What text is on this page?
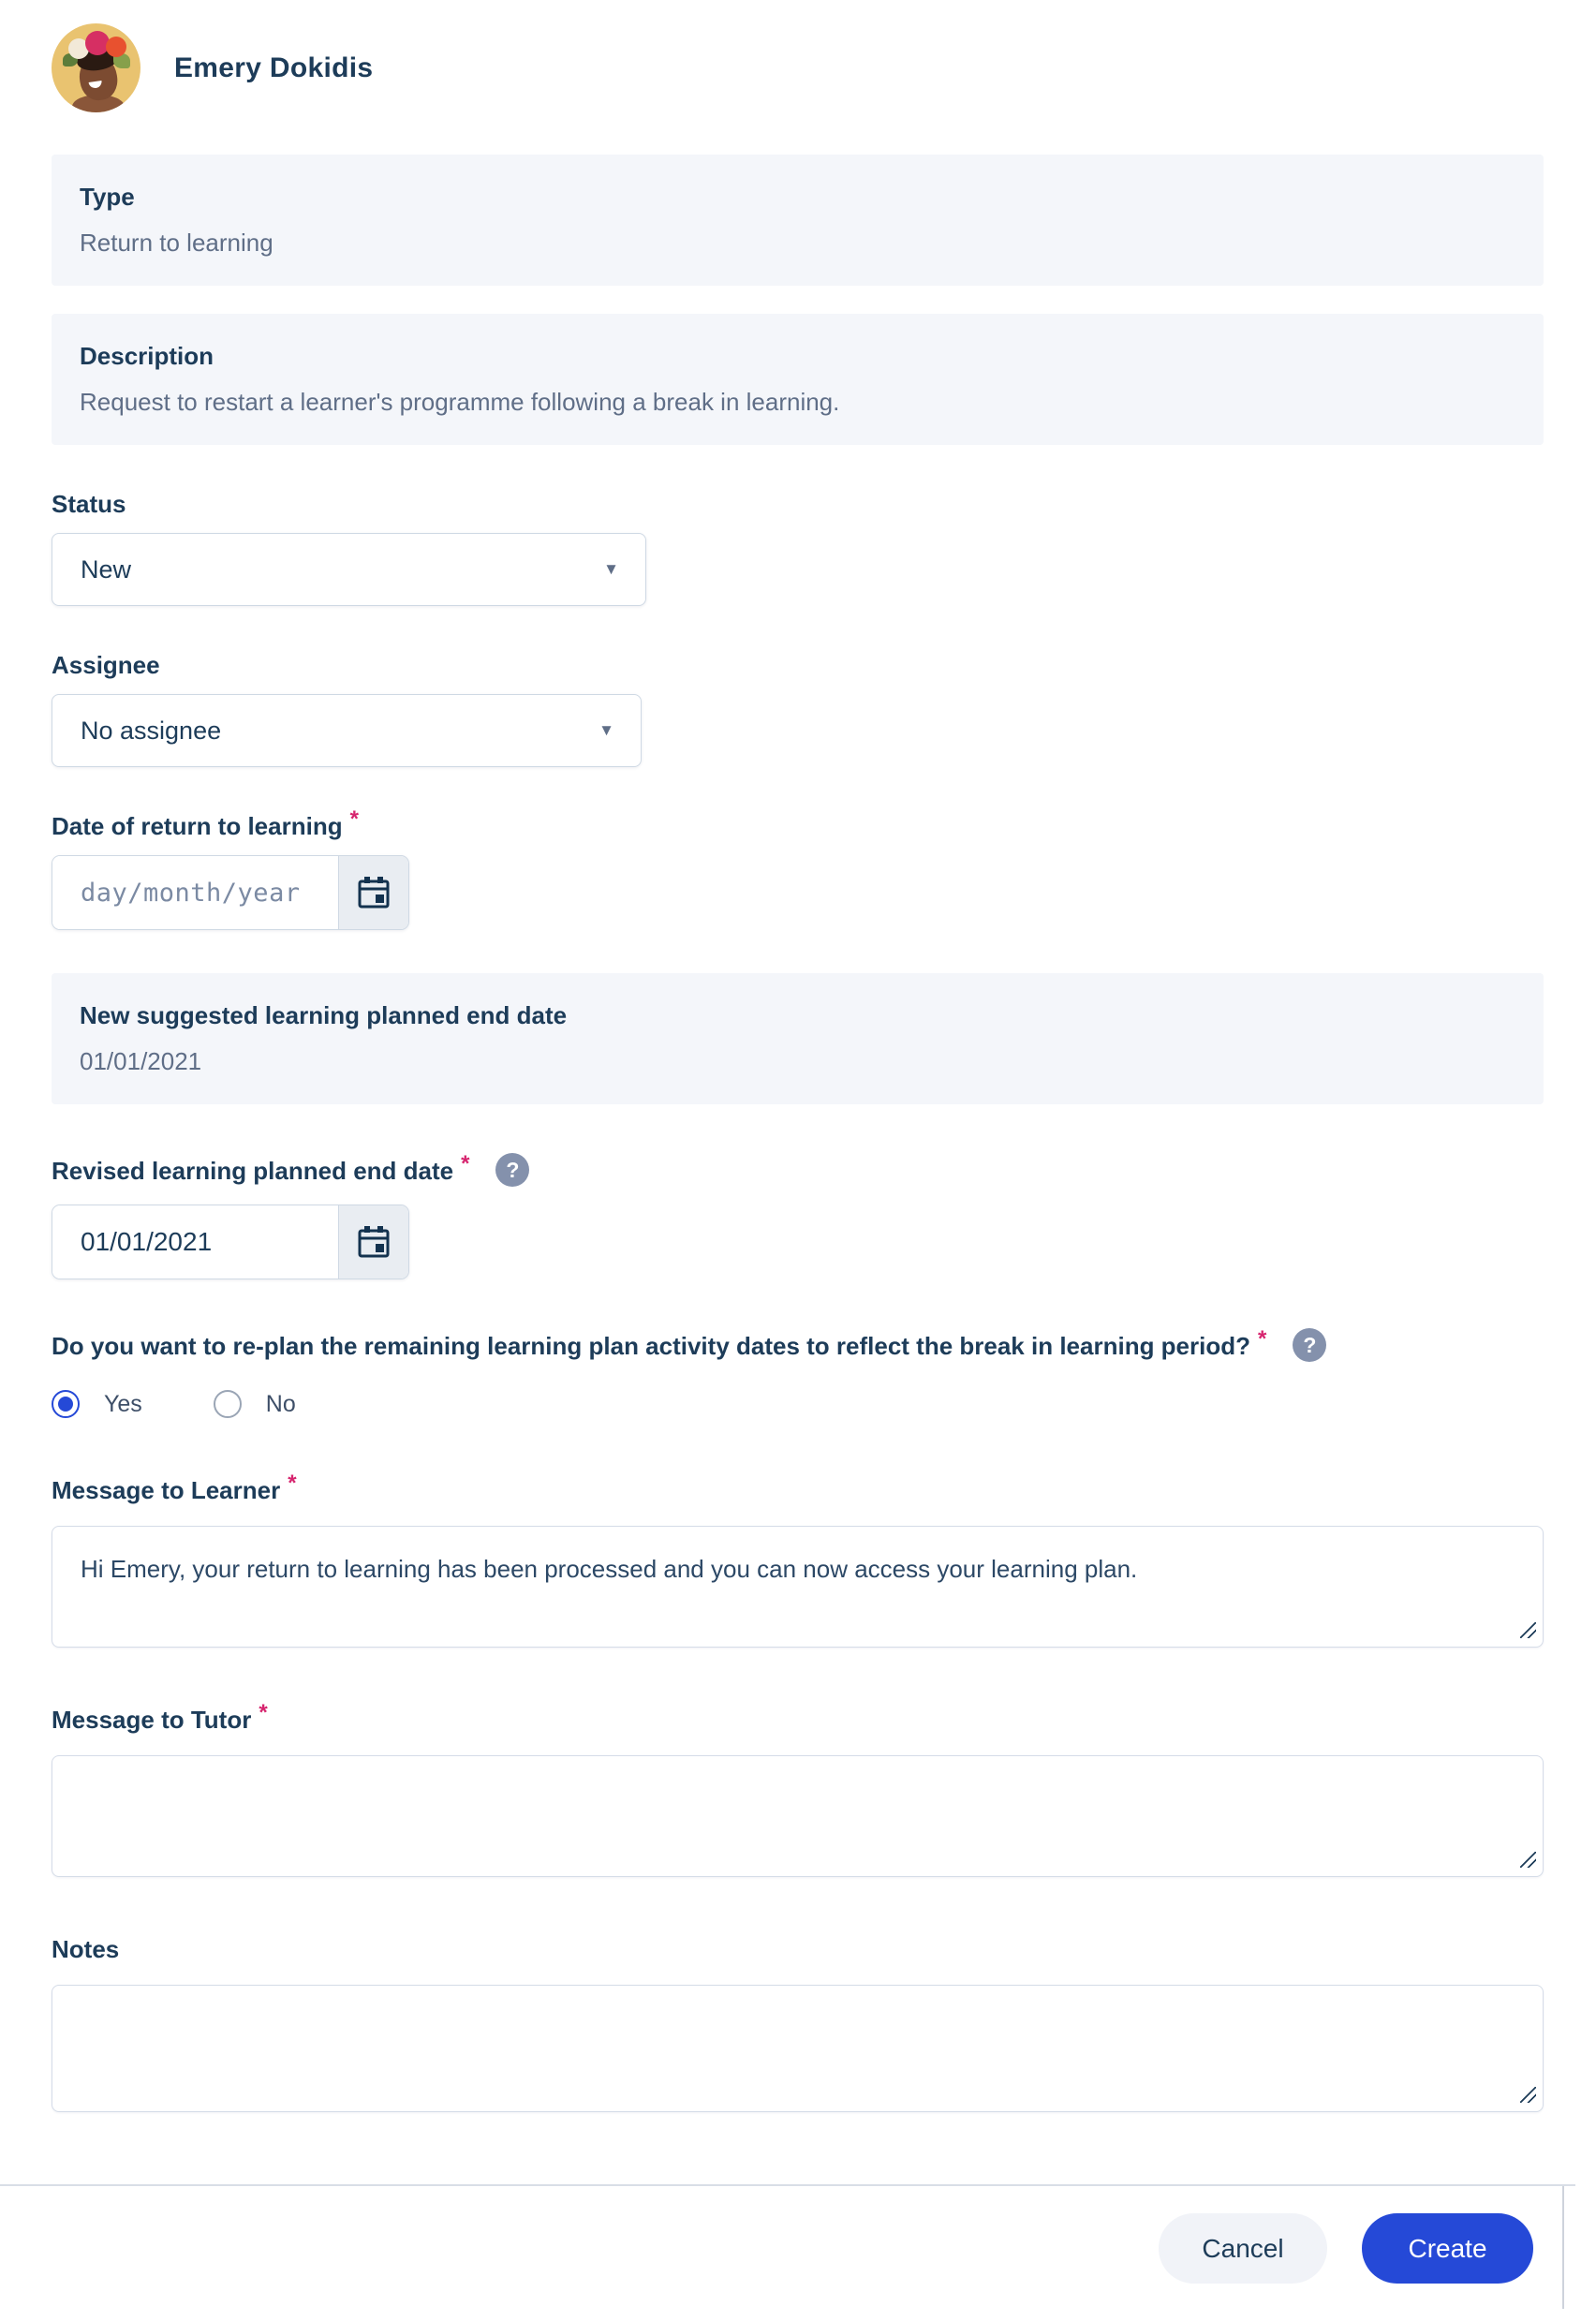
Emery Dokidis
Type
Return to learning
Description
Request to restart a learner's programme following a break in learning.
Status
New	▼
Assignee
No assignee	▼
Date of return to learning *
day/month/year
New suggested learning planned end date
01/01/2021
Revised learning planned end date *	?
01/01/2021
Do you want to re-plan the remaining learning plan activity dates to reflect the break in learning period? *	?
Yes	No
Message to Learner *
Hi Emery, your return to learning has been processed and you can now access your learning plan.
Message to Tutor *
Notes
Cancel	Create
